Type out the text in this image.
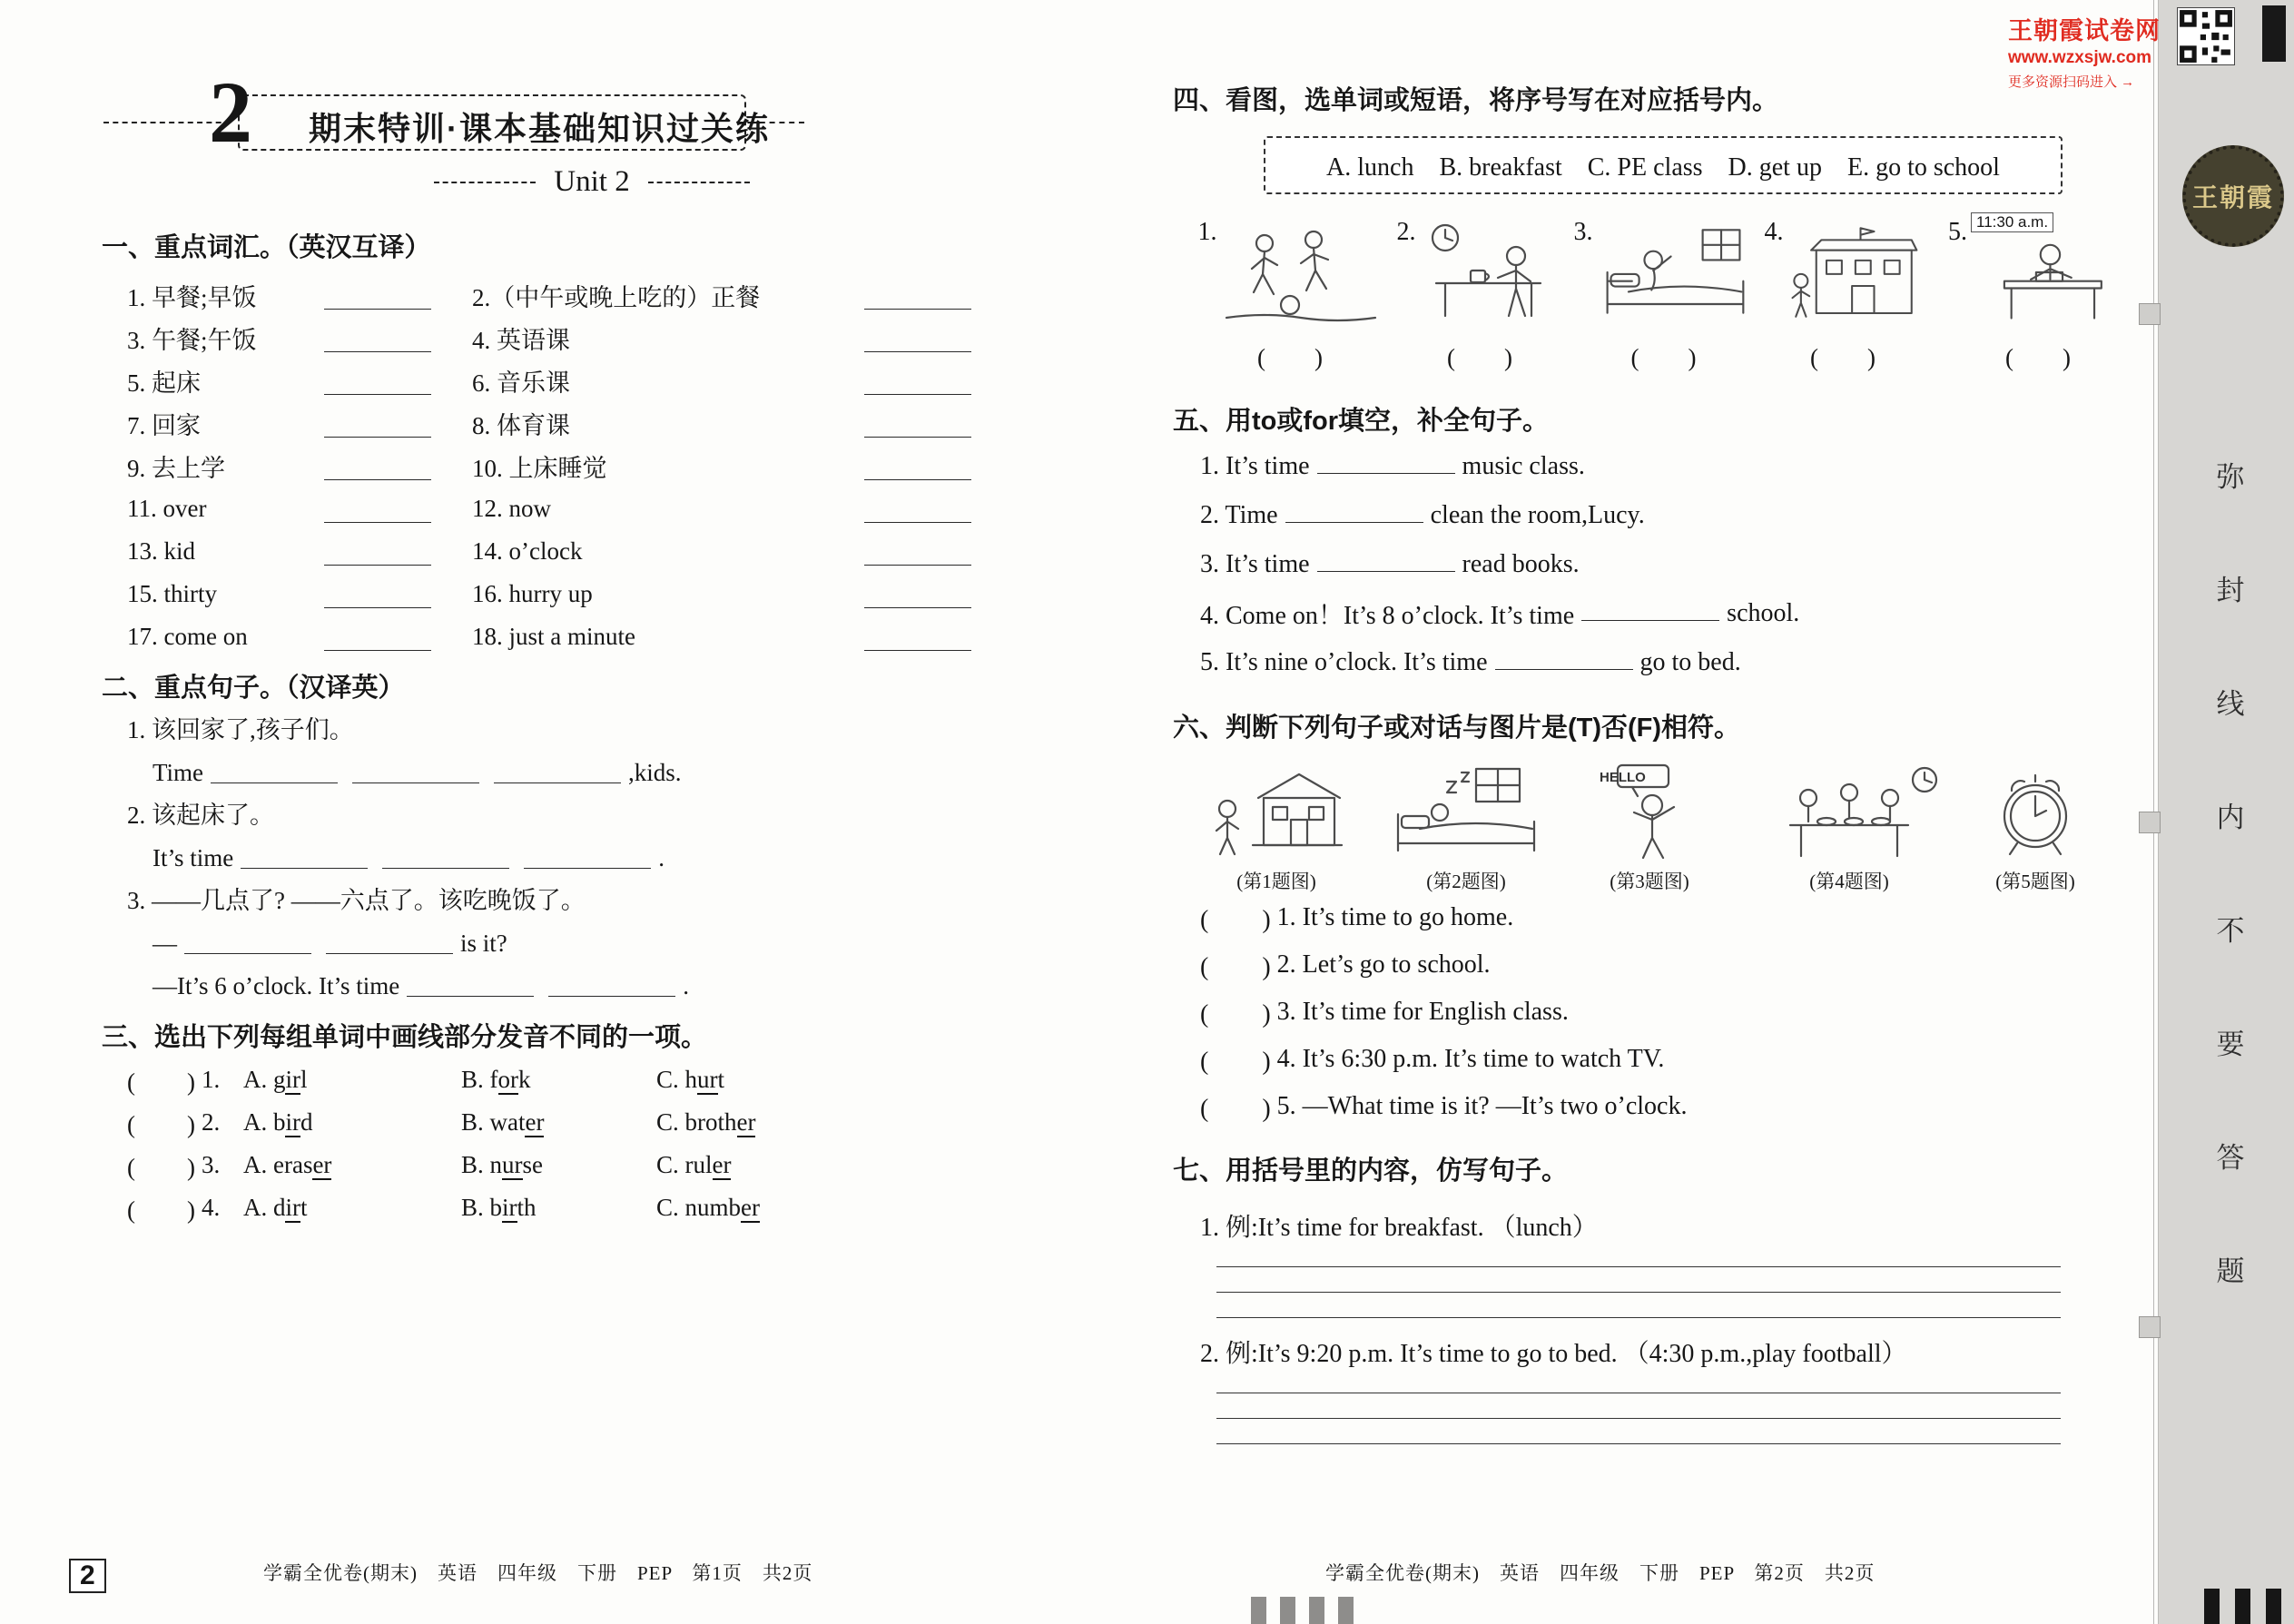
弥
封
线
内
不
要
答
题
王朝霞试卷网
www.wzxsjw.com
更多资源扫码进入 →
王朝霞
2 期末特训·课本基础知识过关练
Unit 2
一、重点词汇。（英汉互译）
1. 早餐;早饭	2.（中午或晚上吃的）正餐
3. 午餐;午饭	4. 英语课
5. 起床	6. 音乐课
7. 回家	8. 体育课
9. 去上学	10. 上床睡觉
11. over	12. now
13. kid	14. o’clock
15. thirty	16. hurry up
17. come on	18. just a minute
二、重点句子。（汉译英）
1. 该回家了,孩子们。
Time	,kids.
2. 该起床了。
It’s time	.
3. ——几点了? ——六点了。该吃晚饭了。
—	is it?
—It’s 6 o’clock. It’s time	.
三、选出下列每组单词中画线部分发音不同的一项。
(　　) 1. A. girl	B. fork	C. hurt
(　　) 2. A. bird	B. water	C. brother
(　　) 3. A. eraser	B. nurse	C. ruler
(　　) 4. A. dirt	B. birth	C. number
四、看图，选单词或短语，将序号写在对应括号内。
A. lunch　B. breakfast　C. PE class　D. get up　E. go to school
1.
(　　)
2.
(　　)
3.
(　　)
4.
(　　)
11:30 a.m.
5.
(　　)
五、用to或for填空，补全句子。
1. It’s time	music class.
2. Time	clean the room,Lucy.
3. It’s time	read books.
4. Come on！It’s 8 o’clock. It’s time	school.
5. It’s nine o’clock. It’s time	go to bed.
六、判断下列句子或对话与图片是(T)否(F)相符。
(第1题图)	(第2题图)
HELLO
(第3题图)	(第4题图)	(第5题图)
(　　) 1. It’s time to go home.
(　　) 2. Let’s go to school.
(　　) 3. It’s time for English class.
(　　) 4. It’s 6:30 p.m. It’s time to watch TV.
(　　) 5. —What time is it? —It’s two o’clock.
七、用括号里的内容，仿写句子。
1. 例:It’s time for breakfast. （lunch）
2. 例:It’s 9:20 p.m. It’s time to go to bed. （4:30 p.m.,play football）
2	学霸全优卷(期末)　英语　四年级　下册　PEP　第1页　共2页	学霸全优卷(期末)　英语　四年级　下册　PEP　第2页　共2页
